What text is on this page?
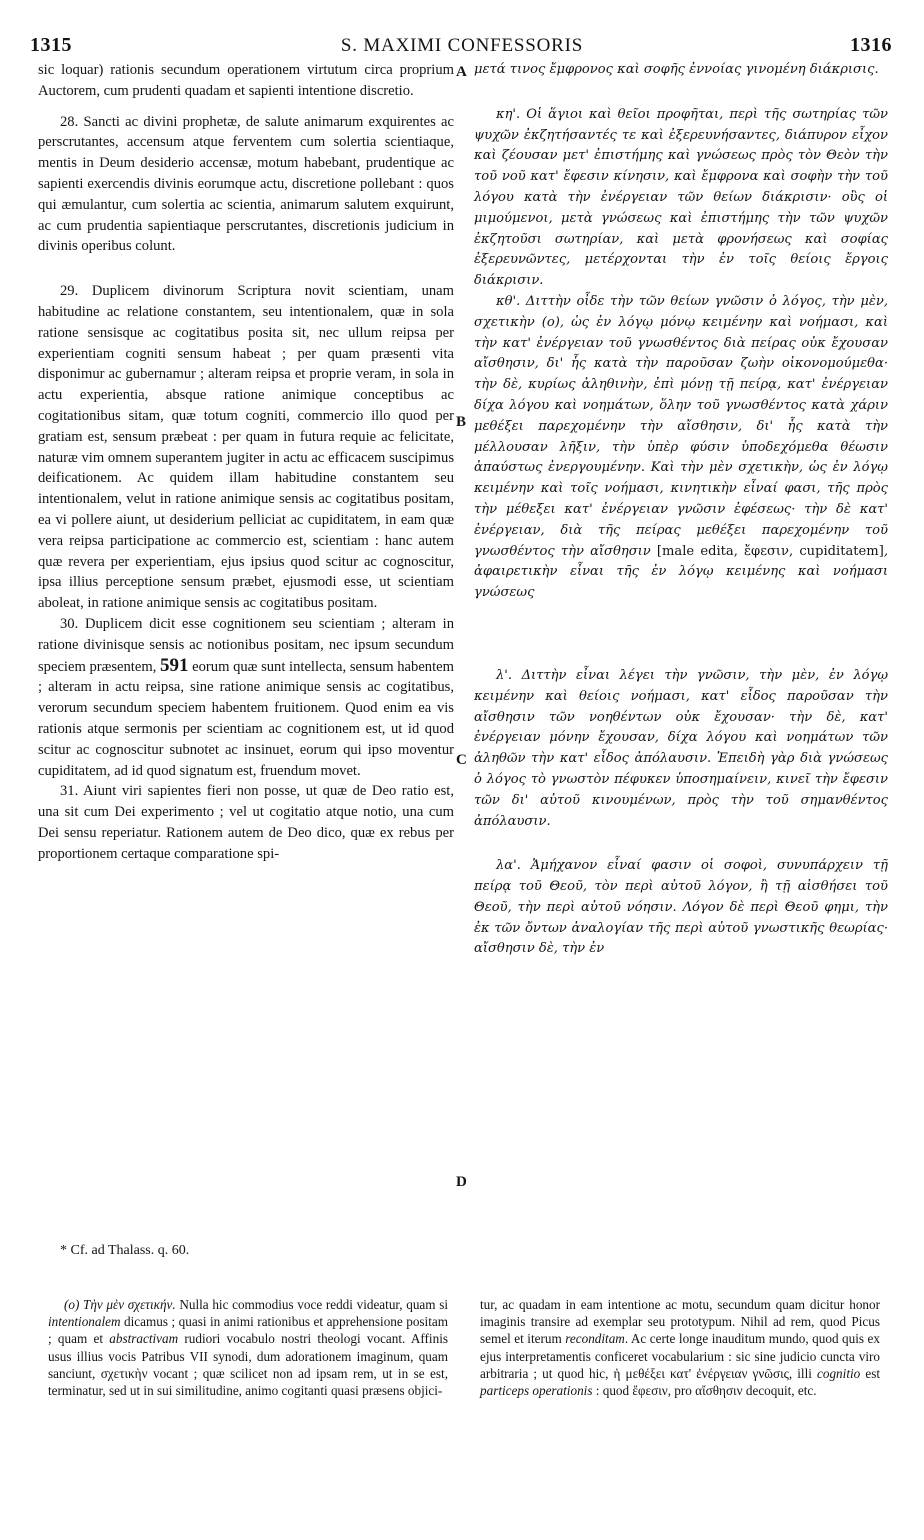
1315	S. MAXIMI CONFESSORIS	1316
A
B
C
D

sic loquar) rationis secundum operationem virtutum circa proprium Auctorem, cum prudenti quadam et sapienti intentione discretio.

28. Sancti ac divini prophetæ, de salute animarum exquirentes ac perscrutantes, accensum atque ferventem cum solertia scientiaque, mentis in Deum desiderio accensæ, motum habebant, prudentique ac sapienti exercendis divinis eorumque actu, discretione pollebant : quos qui æmulantur, cum solertia ac scientia, animarum salutem exquirunt, ac cum prudentia sapientiaque perscrutantes, discretionis judicium in divinis operibus colunt.

29. Duplicem divinorum Scriptura novit scientiam, unam habitudine ac relatione constantem, seu intentionalem, quæ in sola ratione sensisque ac cogitatibus posita sit, nec ullum reipsa per experientiam cogniti sensum habeat ; per quam præsenti vita disponimur ac gubernamur ; alteram reipsa et proprie veram, in sola in actu experientia, absque ratione animique conceptibus ac cogitationibus sitam, quæ totum cogniti, commercio illo quod per gratiam est, sensum præbeat : per quam in futura requie ac felicitate, naturæ vim omnem superantem jugiter in actu ac efficacem suscipimus deificationem. Ac quidem illam habitudine constantem seu intentionalem, velut in ratione animique sensis ac cogitatibus positam, ea vi pollere aiunt, ut desiderium pelliciat ac cupiditatem, in eam quæ vera reipsa participatione ac commercio est, scientiam : hanc autem quæ revera per experientiam, ejus ipsius quod scitur ac cognoscitur, ipsa illius perceptione sensum præbet, ejusmodi esse, ut scientiam aboleat, in ratione animique sensis ac cogitatibus positam.

30. Duplicem dicit esse cognitionem seu scientiam ; alteram in ratione divinisque sensis ac notionibus positam, nec ipsum secundum speciem præsentem, 591 eorum quæ sunt intellecta, sensum habentem ; alteram in actu reipsa, sine ratione animique sensis ac cogitatibus, verorum secundum speciem habentem fruitionem. Quod enim ea vis rationis atque sermonis per scientiam ac cognitionem est, ut id quod scitur ac cognoscitur subnotet ac insinuet, eorum qui ipso moventur cupiditatem, ad id quod signatum est, fruendum movet.

31. Aiunt viri sapientes fieri non posse, ut quæ de Deo ratio est, una sit cum Dei experimento ; vel ut cogitatio atque notio, una cum Dei sensu reperiatur. Rationem autem de Deo dico, quæ ex rebus per proportionem certaque comparatione spi-

μετά τινος ἔμφρονος καὶ σοφῆς ἐννοίας γινομένη διάκρισις.

κη'. Οἱ ἅγιοι καὶ θεῖοι προφῆται, περὶ τῆς σωτηρίας τῶν ψυχῶν ἐκζητήσαντές τε καὶ ἐξερευνήσαντες, διάπυρον εἶχον καὶ ζέουσαν μετ' ἐπιστήμης καὶ γνώσεως πρὸς τὸν Θεὸν τὴν τοῦ νοῦ κατ' ἔφεσιν κίνησιν, καὶ ἔμφρονα καὶ σοφὴν τὴν τοῦ λόγου κατὰ τὴν ἐνέργειαν τῶν θείων διάκρισιν· οὓς οἱ μιμούμενοι, μετὰ γνώσεως καὶ ἐπιστήμης τὴν τῶν ψυχῶν ἐκζητοῦσι σωτηρίαν, καὶ μετὰ φρονήσεως καὶ σοφίας ἐξερευνῶντες, μετέρχονται τὴν ἐν τοῖς θείοις ἔργοις διάκρισιν.

κθ'. Διττὴν οἶδε τὴν τῶν θείων γνῶσιν ὁ λόγος, τὴν μὲν, σχετικὴν (ο), ὡς ἐν λόγῳ μόνῳ κειμένην καὶ νοήμασι, καὶ τὴν κατ' ἐνέργειαν τοῦ γνωσθέντος διὰ πείρας οὐκ ἔχουσαν αἴσθησιν, δι' ἧς κατὰ τὴν παροῦσαν ζωὴν οἰκονομούμεθα· τὴν δὲ, κυρίως ἀληθινὴν, ἐπὶ μόνῃ τῇ πείρᾳ, κατ' ἐνέργειαν δίχα λόγου καὶ νοημάτων, ὅλην τοῦ γνωσθέντος κατὰ χάριν μεθέξει παρεχομένην τὴν αἴσθησιν, δι' ἧς κατὰ τὴν μέλλουσαν λῆξιν, τὴν ὑπὲρ φύσιν ὑποδεχόμεθα θέωσιν ἀπαύστως ἐνεργουμένην. Καὶ τὴν μὲν σχετικὴν, ὡς ἐν λόγῳ κειμένην καὶ τοῖς νοήμασι, κινητικὴν εἶναί φασι, τῆς πρὸς τὴν μέθεξει κατ' ἐνέργειαν γνῶσιν ἐφέσεως· τὴν δὲ κατ' ἐνέργειαν, διὰ τῆς πείρας μεθέξει παρεχομένην τοῦ γνωσθέντος τὴν αἴσθησιν [male edita, ἔφεσιν, cupiditatem], ἀφαιρετικὴν εἶναι τῆς ἐν λόγῳ κειμένης καὶ νοήμασι γνώσεως

λ'. Διττὴν εἶναι λέγει τὴν γνῶσιν, τὴν μὲν, ἐν λόγῳ κειμένην καὶ θείοις νοήμασι, κατ' εἶδος παροῦσαν τὴν αἴσθησιν τῶν νοηθέντων οὐκ ἔχουσαν· τὴν δὲ, κατ' ἐνέργειαν μόνην ἔχουσαν, δίχα λόγου καὶ νοημάτων τῶν ἀληθῶν τὴν κατ' εἶδος ἀπόλαυσιν. Ἐπειδὴ γὰρ διὰ γνώσεως ὁ λόγος τὸ γνωστὸν πέφυκεν ὑποσημαίνειν, κινεῖ τὴν ἔφεσιν τῶν δι' αὐτοῦ κινουμένων, πρὸς τὴν τοῦ σημανθέντος ἀπόλαυσιν.

λα'. Ἀμήχανον εἶναί φασιν οἱ σοφοὶ, συνυπάρχειν τῇ πείρᾳ τοῦ Θεοῦ, τὸν περὶ αὐτοῦ λόγον, ἢ τῇ αἰσθήσει τοῦ Θεοῦ, τὴν περὶ αὐτοῦ νόησιν. Λόγον δὲ περὶ Θεοῦ φημι, τὴν ἐκ τῶν ὄντων ἀναλογίαν τῆς περὶ αὐτοῦ γνωστικῆς θεωρίας· αἴσθησιν δὲ, τὴν ἐν

* Cf. ad Thalass. q. 60.

(o) Τὴν μὲν σχετικήν. Nulla hic commodius voce reddi videatur, quam si intentionalem dicamus ; quasi in animi rationibus et apprehensione positam ; quam et abstractivam rudiori vocabulo nostri theologi vocant. Affinis usus illius vocis Patribus VII synodi, dum adorationem imaginum, quam sanciunt, σχετικὴν vocant ; quæ scilicet non ad ipsam rem, ut in se est, terminatur, sed ut in sui similitudine, animo cogitanti quasi præsens objici-

tur, ac quadam in eam intentione ac motu, secundum quam dicitur honor imaginis transire ad exemplar seu prototypum. Nihil ad rem, quod Picus semel et iterum reconditam. Ac certe longe inauditum mundo, quod quis ex ejus interpretamentis conficeret vocabularium : sic sine judicio cuncta viro arbitraria ; ut quod hic, ἡ μεθέξει κατ' ἐνέργειαν γνῶσις, illi cognitio est particeps operationis : quod ἔφεσιν, pro αἴσθησιν decoquit, etc.
